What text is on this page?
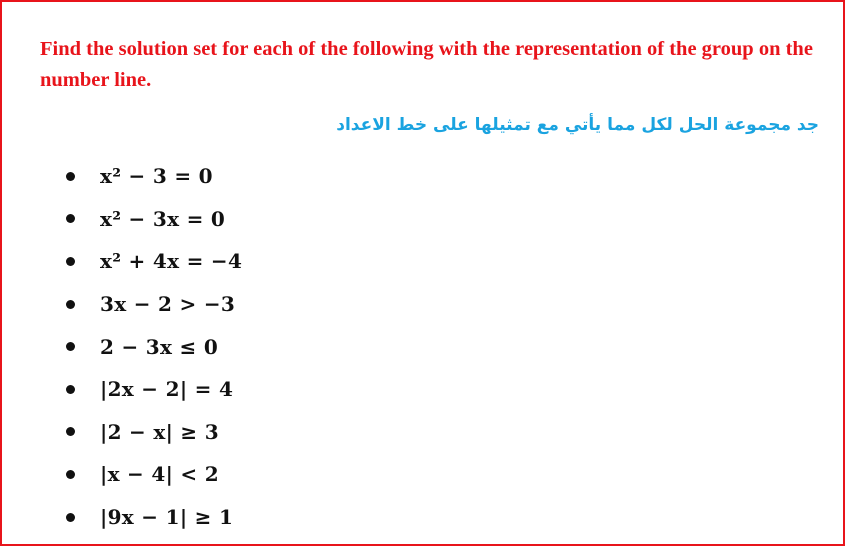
Find the solution set for each of the following with the representation of the group on the number line.

جد مجموعة الحل لكل مما يأتي مع تمثيلها على خط الاعداد

x² − 3 = 0
x² − 3x = 0
x² + 4x = −4
3x − 2 > −3
2 − 3x ≤ 0
|2x − 2| = 4
|2 − x| ≥ 3
|x − 4| < 2
|9x − 1| ≥ 1
